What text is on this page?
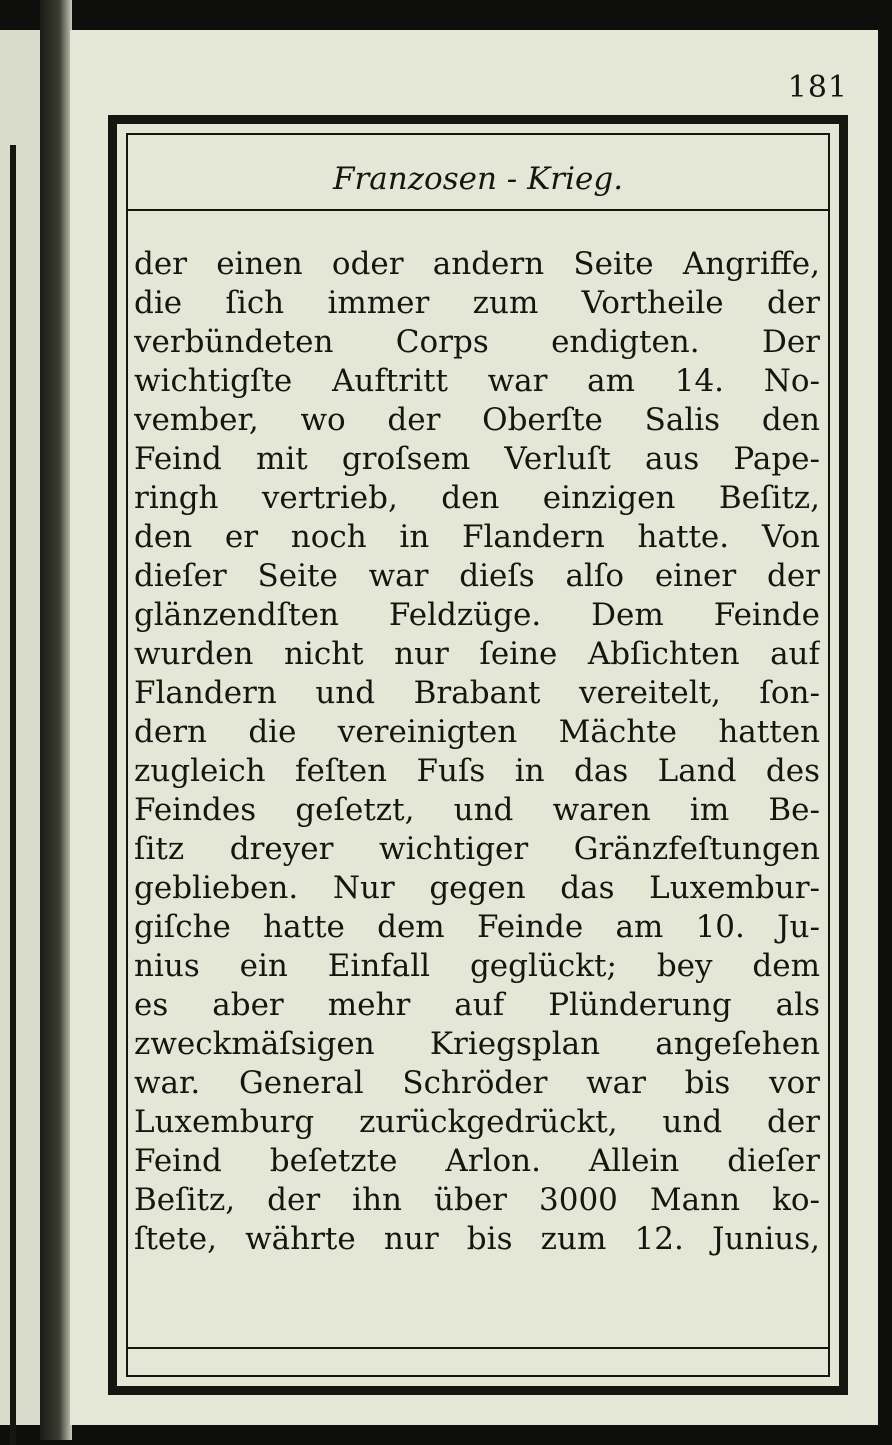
181
Franzosen - Krieg.
der einen oder andern Seite Angriffe,
die ſich immer zum Vortheile der
verbündeten Corps endigten. Der
wichtigſte Auftritt war am 14. No-
vember, wo der Oberſte Salis den
Feind mit groſsem Verluſt aus Pape-
ringh vertrieb, den einzigen Beſitz,
den er noch in Flandern hatte. Von
dieſer Seite war dieſs alſo einer der
glänzendſten Feldzüge. Dem Feinde
wurden nicht nur ſeine Abſichten auf
Flandern und Brabant vereitelt, ſon-
dern die vereinigten Mächte hatten
zugleich feſten Fuſs in das Land des
Feindes geſetzt, und waren im Be-
ſitz dreyer wichtiger Gränzfeſtungen
geblieben. Nur gegen das Luxembur-
giſche hatte dem Feinde am 10. Ju-
nius ein Einfall geglückt; bey dem
es aber mehr auf Plünderung als
zweckmäſsigen Kriegsplan angeſehen
war. General Schröder war bis vor
Luxemburg zurückgedrückt, und der
Feind beſetzte Arlon. Allein dieſer
Beſitz, der ihn über 3000 Mann ko-
ſtete, währte nur bis zum 12. Junius,
